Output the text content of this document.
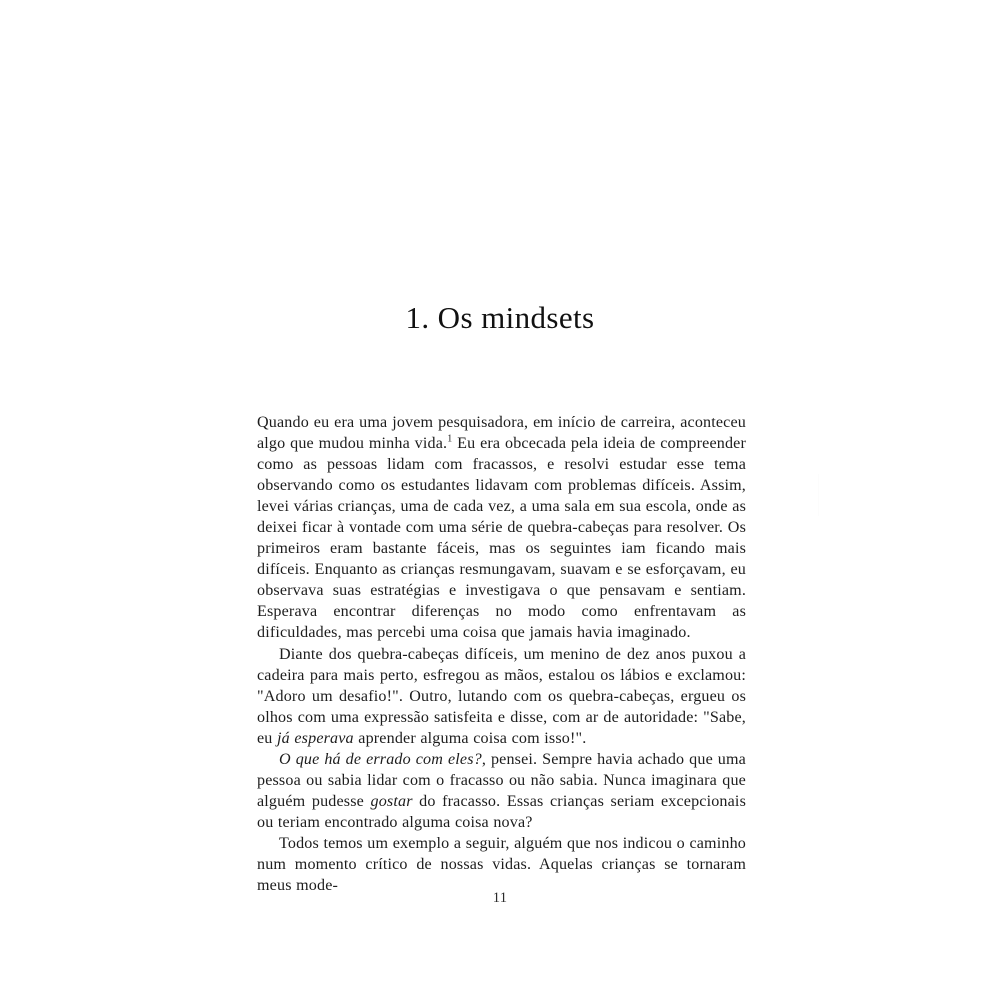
1. Os mindsets

Quando eu era uma jovem pesquisadora, em início de carreira, aconteceu algo que mudou minha vida.$^1$ Eu era obcecada pela ideia de compreender como as pessoas lidam com fracassos, e resolvi estudar esse tema observando como os estudantes lidavam com problemas difíceis. Assim, levei várias crianças, uma de cada vez, a uma sala em sua escola, onde as deixei ficar à vontade com uma série de quebra-cabeças para resolver. Os primeiros eram bastante fáceis, mas os seguintes iam ficando mais difíceis. Enquanto as crianças resmungavam, suavam e se esforçavam, eu observava suas estratégias e investigava o que pensavam e sentiam. Esperava encontrar diferenças no modo como enfrentavam as dificuldades, mas percebi uma coisa que jamais havia imaginado.

Diante dos quebra-cabeças difíceis, um menino de dez anos puxou a cadeira para mais perto, esfregou as mãos, estalou os lábios e exclamou: "Adoro um desafio!". Outro, lutando com os quebra-cabeças, ergueu os olhos com uma expressão satisfeita e disse, com ar de autoridade: "Sabe, eu já esperava aprender alguma coisa com isso!".

O que há de errado com eles?, pensei. Sempre havia achado que uma pessoa ou sabia lidar com o fracasso ou não sabia. Nunca imaginara que alguém pudesse gostar do fracasso. Essas crianças seriam excepcionais ou teriam encontrado alguma coisa nova?

Todos temos um exemplo a seguir, alguém que nos indicou o caminho num momento crítico de nossas vidas. Aquelas crianças se tornaram meus mode-

11
